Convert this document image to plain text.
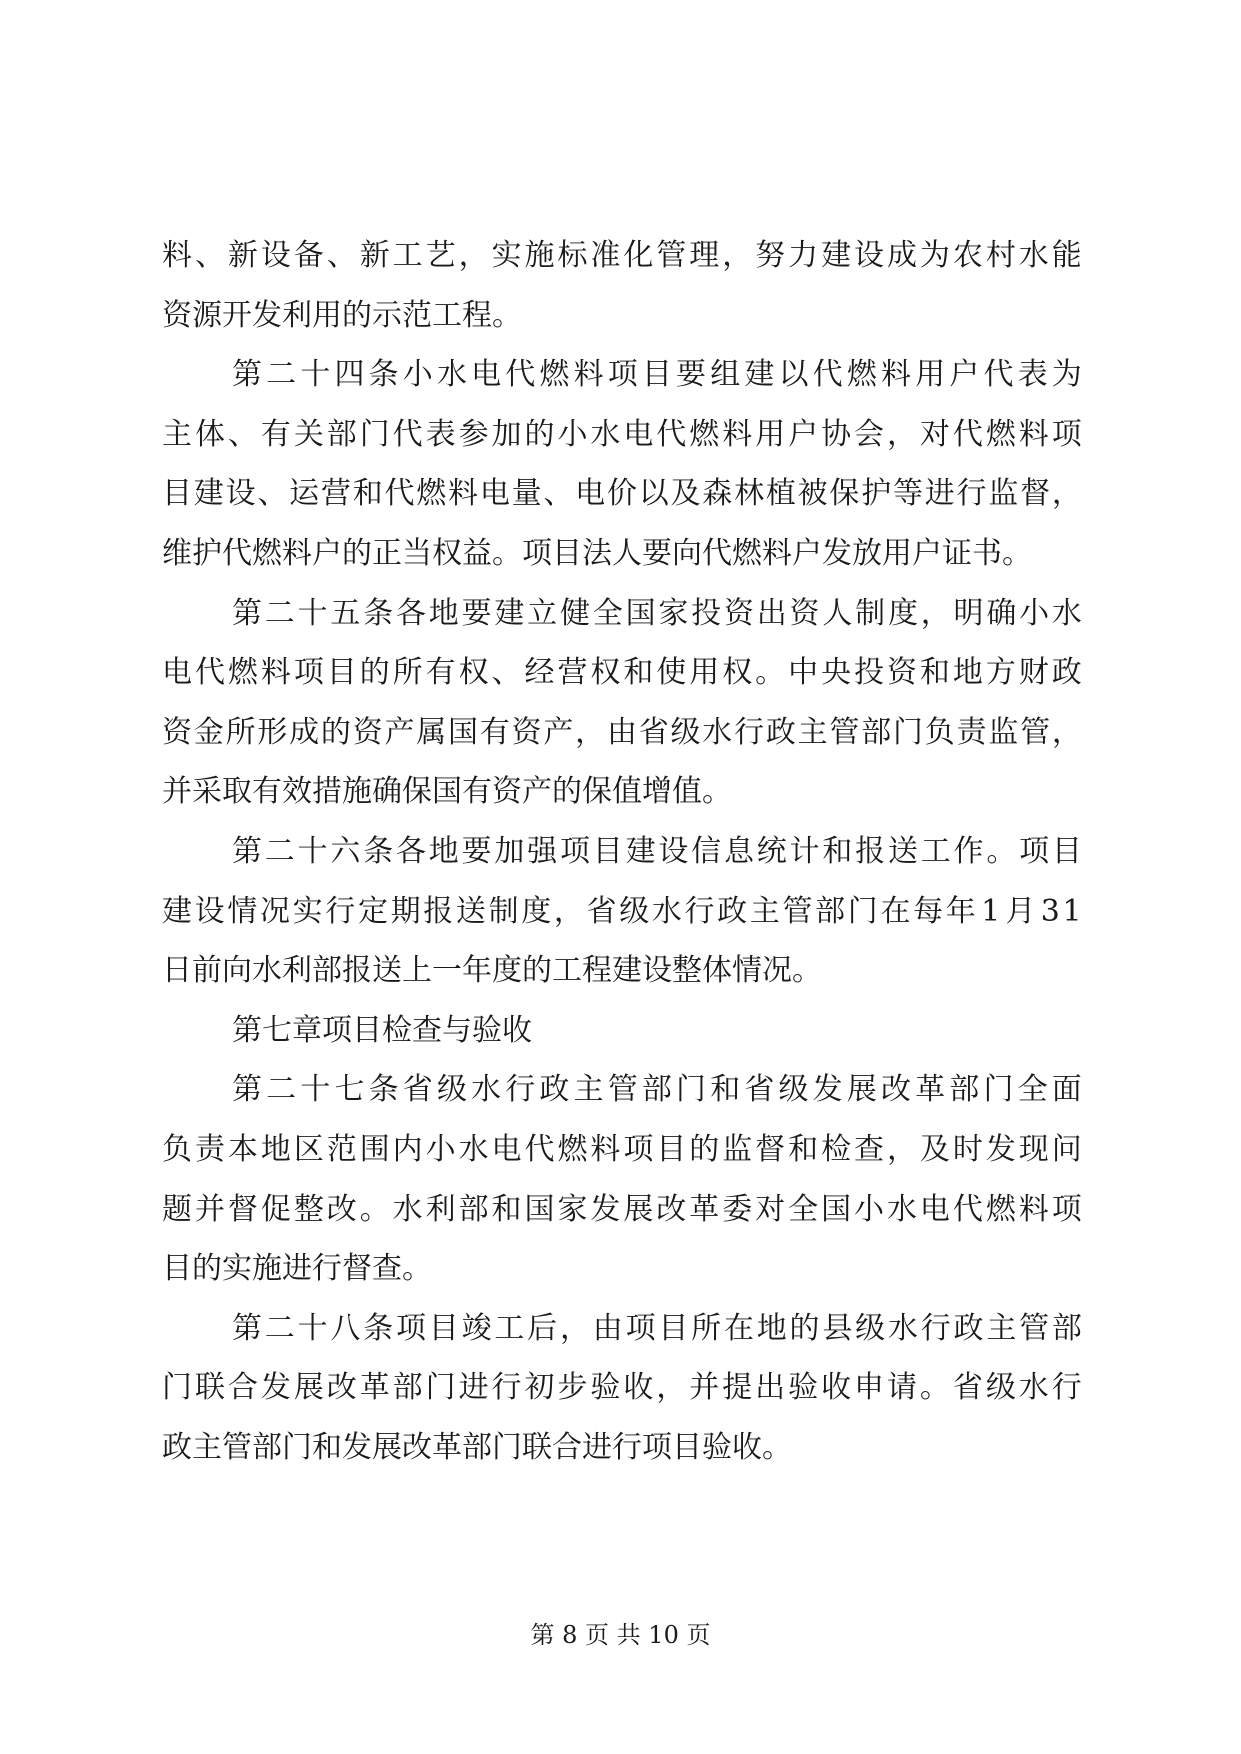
料 、 新 设 备 、 新 工 艺 ， 实 施 标 准 化 管 理 ， 努 力 建 设 成 为 农 村 水 能
资源开发利用的示范工程。
第 二 十 四 条 小 水 电 代 燃 料 项 目 要 组 建 以 代 燃 料 用 户 代 表 为
主 体 、 有 关 部 门 代 表 参 加 的 小 水 电 代 燃 料 用 户 协 会 ， 对 代 燃 料 项
目 建 设 、 运 营 和 代 燃 料 电 量 、 电 价 以 及 森 林 植 被 保 护 等 进 行 监 督 ，
维护代燃料户的正当权益。项目法人要向代燃料户发放用户证书。
第 二 十 五 条 各 地 要 建 立 健 全 国 家 投 资 出 资 人 制 度 ， 明 确 小 水
电 代 燃 料 项 目 的 所 有 权 、 经 营 权 和 使 用 权 。 中 央 投 资 和 地 方 财 政
资 金 所 形 成 的 资 产 属 国 有 资 产 ， 由 省 级 水 行 政 主 管 部 门 负 责 监 管 ，
并采取有效措施确保国有资产的保值增值。
第 二 十 六 条 各 地 要 加 强 项 目 建 设 信 息 统 计 和 报 送 工 作 。 项 目
建 设 情 况 实 行 定 期 报 送 制 度 ， 省 级 水 行 政 主 管 部 门 在 每 年 1 月 3 1
日前向水利部报送上一年度的工程建设整体情况。
第七章项目检查与验收
第 二 十 七 条 省 级 水 行 政 主 管 部 门 和 省 级 发 展 改 革 部 门 全 面
负 责 本 地 区 范 围 内 小 水 电 代 燃 料 项 目 的 监 督 和 检 查 ， 及 时 发 现 问
题 并 督 促 整 改 。 水 利 部 和 国 家 发 展 改 革 委 对 全 国 小 水 电 代 燃 料 项
目的实施进行督查。
第 二 十 八 条 项 目 竣 工 后 ， 由 项 目 所 在 地 的 县 级 水 行 政 主 管 部
门 联 合 发 展 改 革 部 门 进 行 初 步 验 收 ， 并 提 出 验 收 申 请 。 省 级 水 行
政主管部门和发展改革部门联合进行项目验收。
第 8 页 共 10 页
